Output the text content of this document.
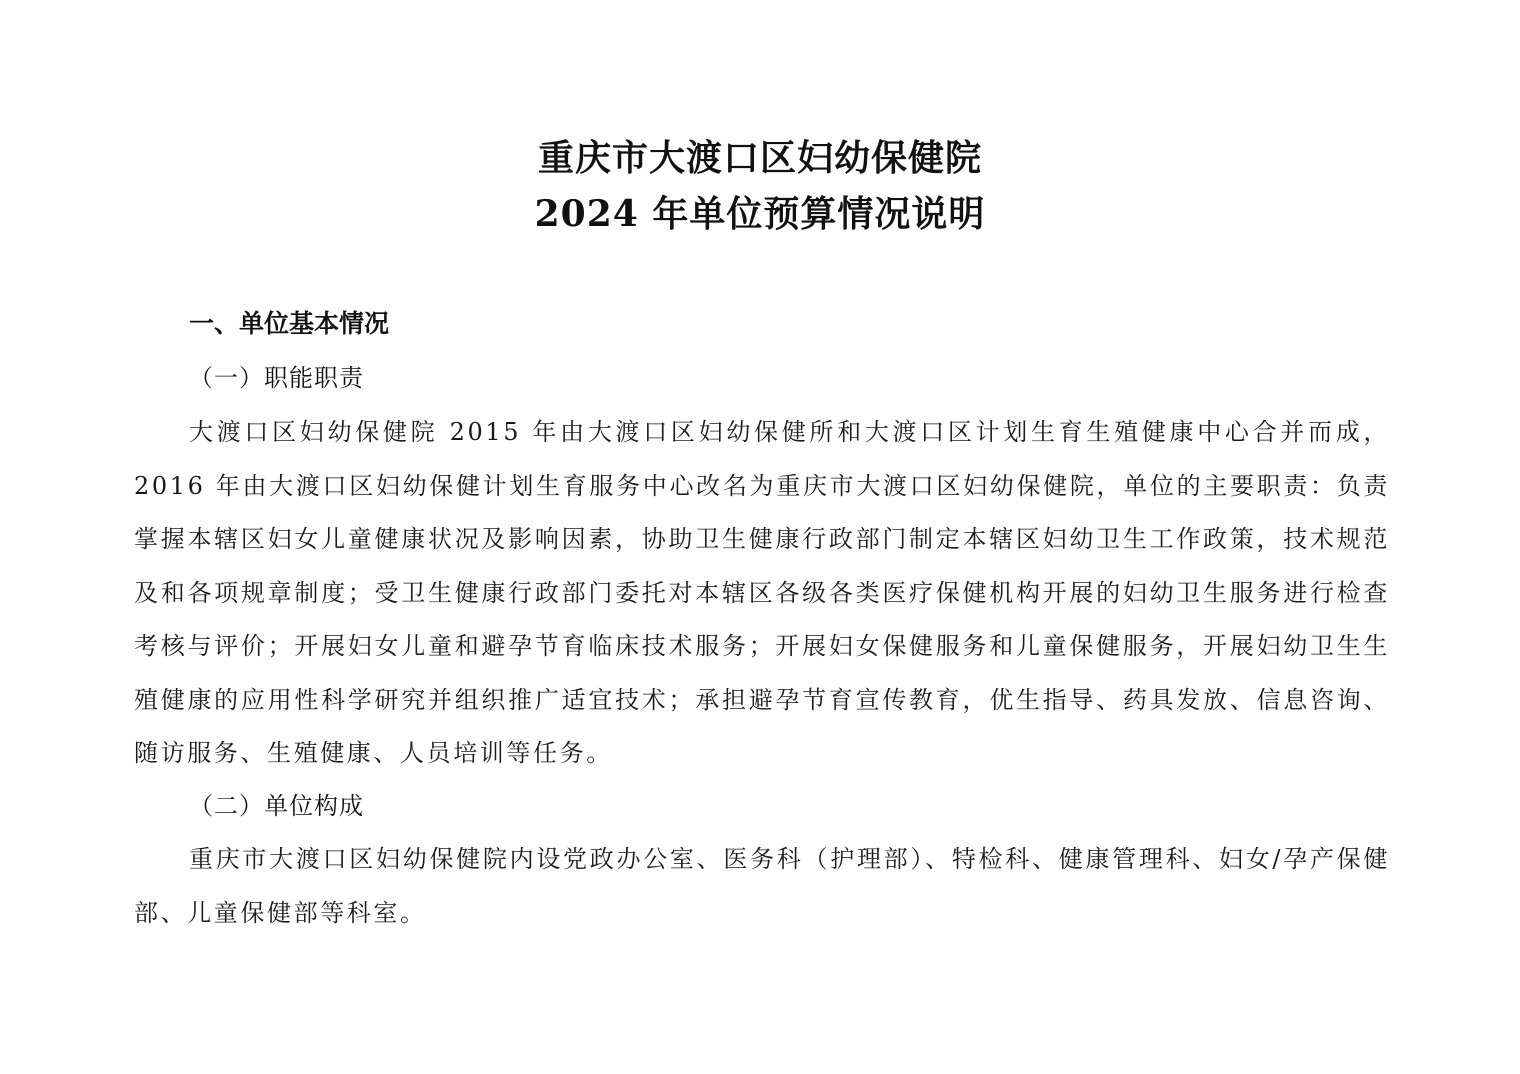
重庆市大渡口区妇幼保健院
2024 年单位预算情况说明
一、单位基本情况
（一）职能职责

大渡口区妇幼保健院 2015 年由大渡口区妇幼保健所和大渡口区计划生育生殖健康中心合并而成，2016 年由大渡口区妇幼保健计划生育服务中心改名为重庆市大渡口区妇幼保健院，单位的主要职责：负责掌握本辖区妇女儿童健康状况及影响因素，协助卫生健康行政部门制定本辖区妇幼卫生工作政策，技术规范及和各项规章制度；受卫生健康行政部门委托对本辖区各级各类医疗保健机构开展的妇幼卫生服务进行检查考核与评价；开展妇女儿童和避孕节育临床技术服务；开展妇女保健服务和儿童保健服务，开展妇幼卫生生殖健康的应用性科学研究并组织推广适宜技术；承担避孕节育宣传教育，优生指导、药具发放、信息咨询、随访服务、生殖健康、人员培训等任务。

（二）单位构成

重庆市大渡口区妇幼保健院内设党政办公室、医务科（护理部）、特检科、健康管理科、妇女/孕产保健部、儿童保健部等科室。
